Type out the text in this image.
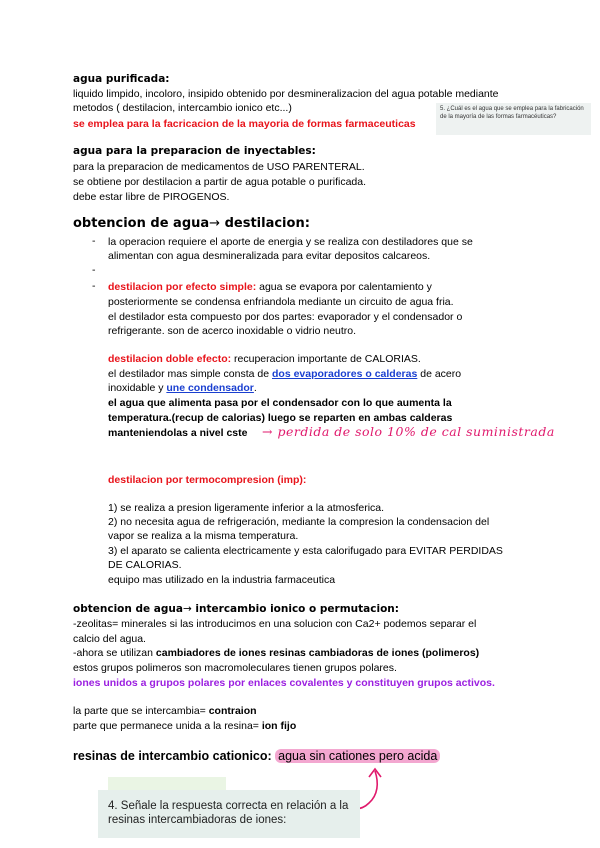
agua purificada:
liquido limpido, incoloro, insipido obtenido por desmineralizacion del agua potable mediante
metodos ( destilacion, intercambio ionico etc...)
se emplea para la facricacion de la mayoria de formas farmaceuticas
5. ¿Cuál es el agua que se emplea para la fabricación de la mayoría de las formas farmacéuticas?
agua para la preparacion de inyectables:
para la preparacion de medicamentos de USO PARENTERAL.
se obtiene por destilacion a partir de agua potable o purificada.
debe estar libre de PIROGENOS.
obtencion de agua→ destilacion:
- la operacion requiere el aporte de energia y se realiza con destiladores que se
alimentan con agua desmineralizada para evitar depositos calcareos.
-
- destilacion por efecto simple: agua se evapora por calentamiento y
posteriormente se condensa enfriandola mediante un circuito de agua fria.
el destilador esta compuesto por dos partes: evaporador y el condensador o
refrigerante. son de acerco inoxidable o vidrio neutro.
destilacion doble efecto: recuperacion importante de CALORIAS.
el destilador mas simple consta de dos evaporadores o calderas de acero
inoxidable y une condensador.
el agua que alimenta pasa por el condensador con lo que aumenta la
temperatura.(recup de calorias) luego se reparten en ambas calderas
manteniendolas a nivel cste → perdida de solo 10% de cal suministrada
destilacion por termocompresion (imp):
1) se realiza a presion ligeramente inferior a la atmosferica.
2) no necesita agua de refrigeración, mediante la compresion la condensacion del
vapor se realiza a la misma temperatura.
3) el aparato se calienta electricamente y esta calorifugado para EVITAR PERDIDAS
DE CALORIAS.
equipo mas utilizado en la industria farmaceutica
obtencion de agua→ intercambio ionico o permutacion:
-zeolitas= minerales si las introducimos en una solucion con Ca2+ podemos separar el
calcio del agua.
-ahora se utilizan cambiadores de iones resinas cambiadoras de iones (polimeros)
estos grupos polimeros son macromoleculares tienen grupos polares.
iones unidos a grupos polares por enlaces covalentes y constituyen grupos activos.
la parte que se intercambia= contraion
parte que permanece unida a la resina= ion fijo
resinas de intercambio cationico: agua sin cationes pero acida
4. Señale la respuesta correcta en relación a la resinas intercambiadoras de iones:
